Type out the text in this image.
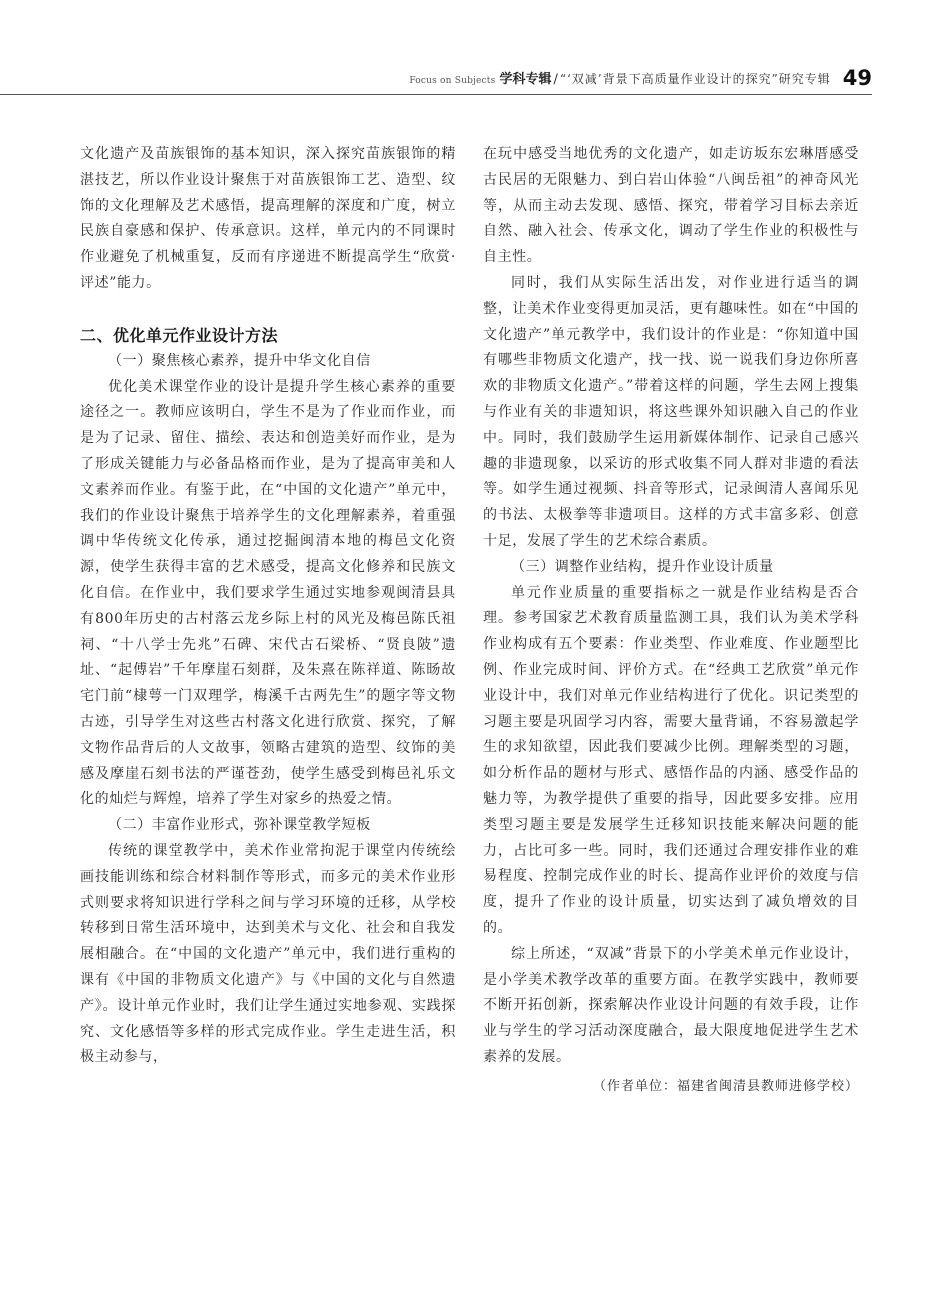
Focus on Subjects 学科专辑 / “‘双减’背景下高质量作业设计的探究”研究专辑 49

文化遗产及苗族银饰的基本知识，深入探究苗族银饰的精湛技艺，所以作业设计聚焦于对苗族银饰工艺、造型、纹饰的文化理解及艺术感悟，提高理解的深度和广度，树立民族自豪感和保护、传承意识。这样，单元内的不同课时作业避免了机械重复，反而有序递进不断提高学生“欣赏·评述”能力。

二、优化单元作业设计方法
（一）聚焦核心素养，提升中华文化自信

优化美术课堂作业的设计是提升学生核心素养的重要途径之一。教师应该明白，学生不是为了作业而作业，而是为了记录、留住、描绘、表达和创造美好而作业，是为了形成关键能力与必备品格而作业，是为了提高审美和人文素养而作业。有鉴于此，在“中国的文化遗产”单元中，我们的作业设计聚焦于培养学生的文化理解素养，着重强调中华传统文化传承，通过挖掘闽清本地的梅邑文化资源，使学生获得丰富的艺术感受，提高文化修养和民族文化自信。在作业中，我们要求学生通过实地参观闽清县具有800年历史的古村落云龙乡际上村的风光及梅邑陈氏祖祠、“十八学士先兆”石碑、宋代古石梁桥、“贤良陂”遗址、“起傅岩”千年摩崖石刻群，及朱熹在陈祥道、陈旸故宅门前“棣萼一门双理学，梅溪千古两先生”的题字等文物古迹，引导学生对这些古村落文化进行欣赏、探究，了解文物作品背后的人文故事，领略古建筑的造型、纹饰的美感及摩崖石刻书法的严谨苍劲，使学生感受到梅邑礼乐文化的灿烂与辉煌，培养了学生对家乡的热爱之情。

（二）丰富作业形式，弥补课堂教学短板

传统的课堂教学中，美术作业常拘泥于课堂内传统绘画技能训练和综合材料制作等形式，而多元的美术作业形式则要求将知识进行学科之间与学习环境的迁移，从学校转移到日常生活环境中，达到美术与文化、社会和自我发展相融合。在“中国的文化遗产”单元中，我们进行重构的课有《中国的非物质文化遗产》与《中国的文化与自然遗产》。设计单元作业时，我们让学生通过实地参观、实践探究、文化感悟等多样的形式完成作业。学生走进生活，积极主动参与，

在玩中感受当地优秀的文化遗产，如走访坂东宏琳厝感受古民居的无限魅力、到白岩山体验“八闽岳祖”的神奇风光等，从而主动去发现、感悟、探究，带着学习目标去亲近自然、融入社会、传承文化，调动了学生作业的积极性与自主性。

同时，我们从实际生活出发，对作业进行适当的调整，让美术作业变得更加灵活，更有趣味性。如在“中国的文化遗产”单元教学中，我们设计的作业是：“你知道中国有哪些非物质文化遗产，找一找、说一说我们身边你所喜欢的非物质文化遗产。”带着这样的问题，学生去网上搜集与作业有关的非遗知识，将这些课外知识融入自己的作业中。同时，我们鼓励学生运用新媒体制作、记录自己感兴趣的非遗现象，以采访的形式收集不同人群对非遗的看法等。如学生通过视频、抖音等形式，记录闽清人喜闻乐见的书法、太极拳等非遗项目。这样的方式丰富多彩、创意十足，发展了学生的艺术综合素质。

（三）调整作业结构，提升作业设计质量

单元作业质量的重要指标之一就是作业结构是否合理。参考国家艺术教育质量监测工具，我们认为美术学科作业构成有五个要素：作业类型、作业难度、作业题型比例、作业完成时间、评价方式。在“经典工艺欣赏”单元作业设计中，我们对单元作业结构进行了优化。识记类型的习题主要是巩固学习内容，需要大量背诵，不容易激起学生的求知欲望，因此我们要减少比例。理解类型的习题，如分析作品的题材与形式、感悟作品的内涵、感受作品的魅力等，为教学提供了重要的指导，因此要多安排。应用类型习题主要是发展学生迁移知识技能来解决问题的能力，占比可多一些。同时，我们还通过合理安排作业的难易程度、控制完成作业的时长、提高作业评价的效度与信度，提升了作业的设计质量，切实达到了减负增效的目的。

综上所述，“双减”背景下的小学美术单元作业设计，是小学美术教学改革的重要方面。在教学实践中，教师要不断开拓创新，探索解决作业设计问题的有效手段，让作业与学生的学习活动深度融合，最大限度地促进学生艺术素养的发展。

（作者单位：福建省闽清县教师进修学校）
